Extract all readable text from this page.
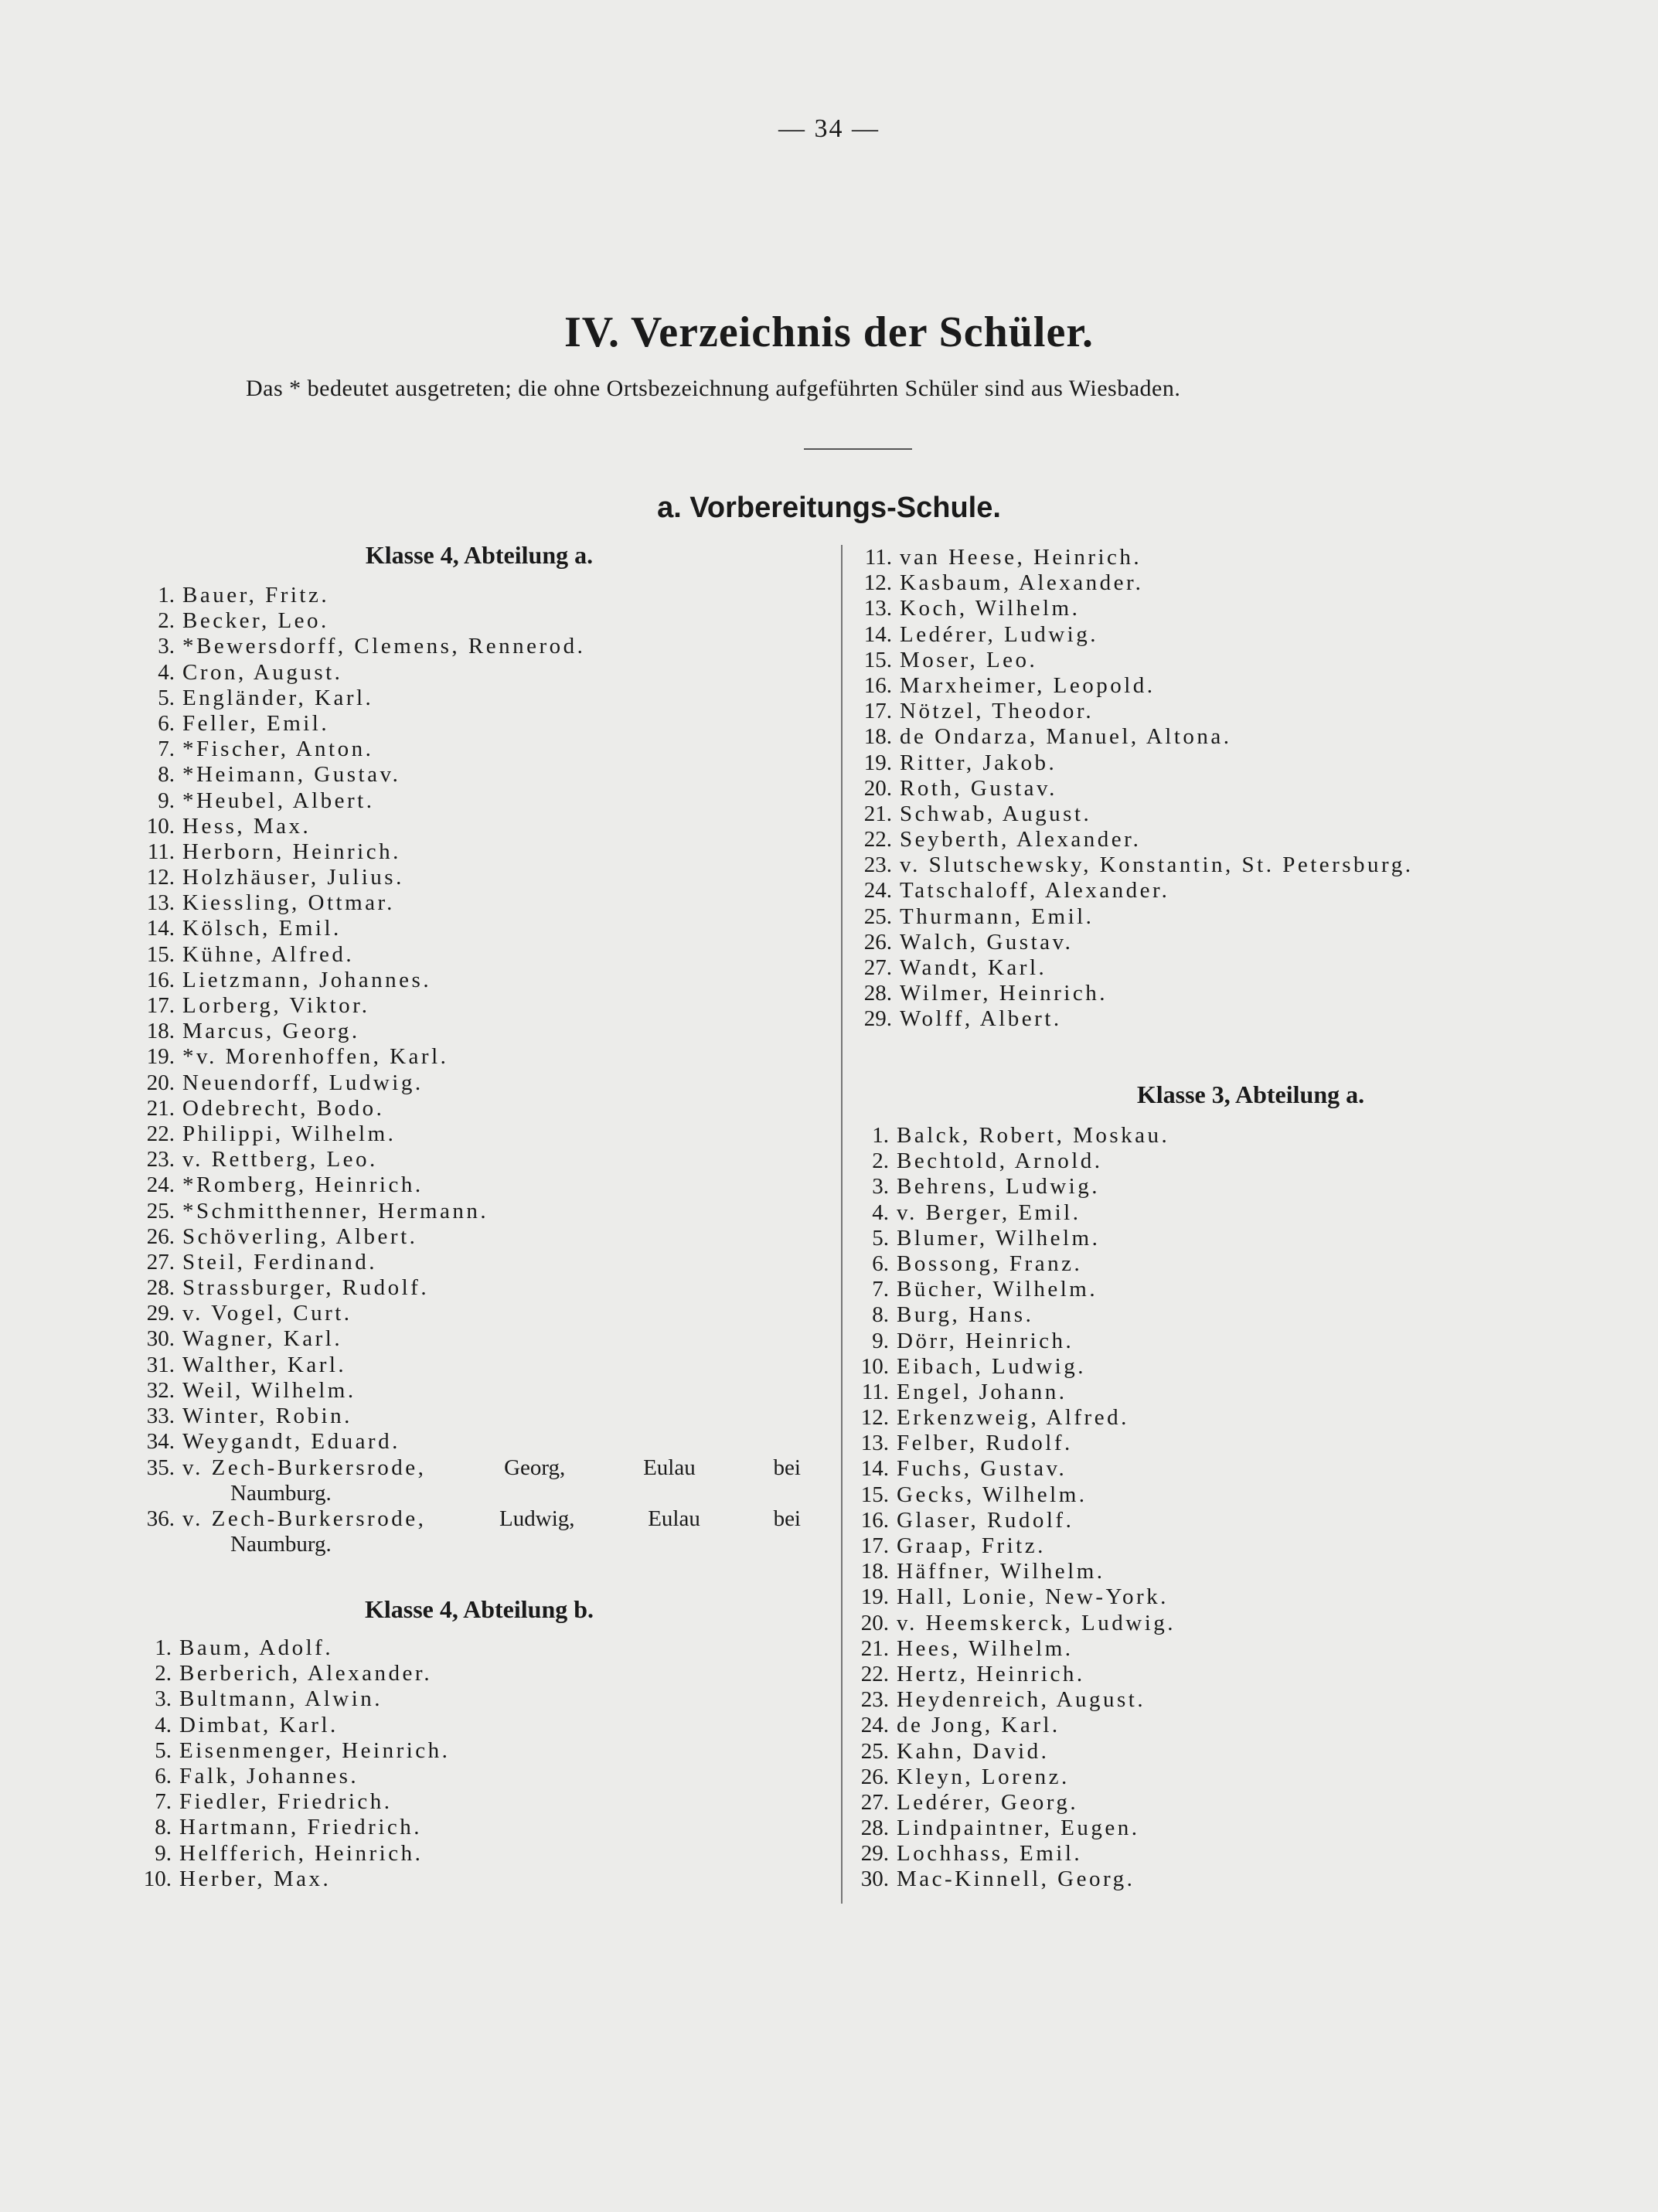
— 34 —
IV. Verzeichnis der Schüler.
Das * bedeutet ausgetreten; die ohne Ortsbezeichnung aufgeführten Schüler sind aus Wiesbaden.
a. Vorbereitungs-Schule.
Klasse 4, Abteilung a.
1. Bauer, Fritz.
2. Becker, Leo.
3. *Bewersdorff, Clemens, Rennerod.
4. Cron, August.
5. Engländer, Karl.
6. Feller, Emil.
7. *Fischer, Anton.
8. *Heimann, Gustav.
9. *Heubel, Albert.
10. Hess, Max.
11. Herborn, Heinrich.
12. Holzhäuser, Julius.
13. Kiessling, Ottmar.
14. Kölsch, Emil.
15. Kühne, Alfred.
16. Lietzmann, Johannes.
17. Lorberg, Viktor.
18. Marcus, Georg.
19. *v. Morenhoffen, Karl.
20. Neuendorff, Ludwig.
21. Odebrecht, Bodo.
22. Philippi, Wilhelm.
23. v. Rettberg, Leo.
24. *Romberg, Heinrich.
25. *Schmitthenner, Hermann.
26. Schöverling, Albert.
27. Steil, Ferdinand.
28. Strassburger, Rudolf.
29. v. Vogel, Curt.
30. Wagner, Karl.
31. Walther, Karl.
32. Weil, Wilhelm.
33. Winter, Robin.
34. Weygandt, Eduard.
35. v. Zech-Burkersrode,	Georg,	Eulau	bei
Naumburg.
36. v. Zech-Burkersrode,	Ludwig,	Eulau	bei
Naumburg.
Klasse 4, Abteilung b.
1. Baum, Adolf.
2. Berberich, Alexander.
3. Bultmann, Alwin.
4. Dimbat, Karl.
5. Eisenmenger, Heinrich.
6. Falk, Johannes.
7. Fiedler, Friedrich.
8. Hartmann, Friedrich.
9. Helfferich, Heinrich.
10. Herber, Max.
11. van Heese, Heinrich.
12. Kasbaum, Alexander.
13. Koch, Wilhelm.
14. Ledérer, Ludwig.
15. Moser, Leo.
16. Marxheimer, Leopold.
17. Nötzel, Theodor.
18. de Ondarza, Manuel, Altona.
19. Ritter, Jakob.
20. Roth, Gustav.
21. Schwab, August.
22. Seyberth, Alexander.
23. v. Slutschewsky, Konstantin, St. Petersburg.
24. Tatschaloff, Alexander.
25. Thurmann, Emil.
26. Walch, Gustav.
27. Wandt, Karl.
28. Wilmer, Heinrich.
29. Wolff, Albert.
Klasse 3, Abteilung a.
1. Balck, Robert, Moskau.
2. Bechtold, Arnold.
3. Behrens, Ludwig.
4. v. Berger, Emil.
5. Blumer, Wilhelm.
6. Bossong, Franz.
7. Bücher, Wilhelm.
8. Burg, Hans.
9. Dörr, Heinrich.
10. Eibach, Ludwig.
11. Engel, Johann.
12. Erkenzweig, Alfred.
13. Felber, Rudolf.
14. Fuchs, Gustav.
15. Gecks, Wilhelm.
16. Glaser, Rudolf.
17. Graap, Fritz.
18. Häffner, Wilhelm.
19. Hall, Lonie, New-York.
20. v. Heemskerck, Ludwig.
21. Hees, Wilhelm.
22. Hertz, Heinrich.
23. Heydenreich, August.
24. de Jong, Karl.
25. Kahn, David.
26. Kleyn, Lorenz.
27. Ledérer, Georg.
28. Lindpaintner, Eugen.
29. Lochhass, Emil.
30. Mac-Kinnell, Georg.
